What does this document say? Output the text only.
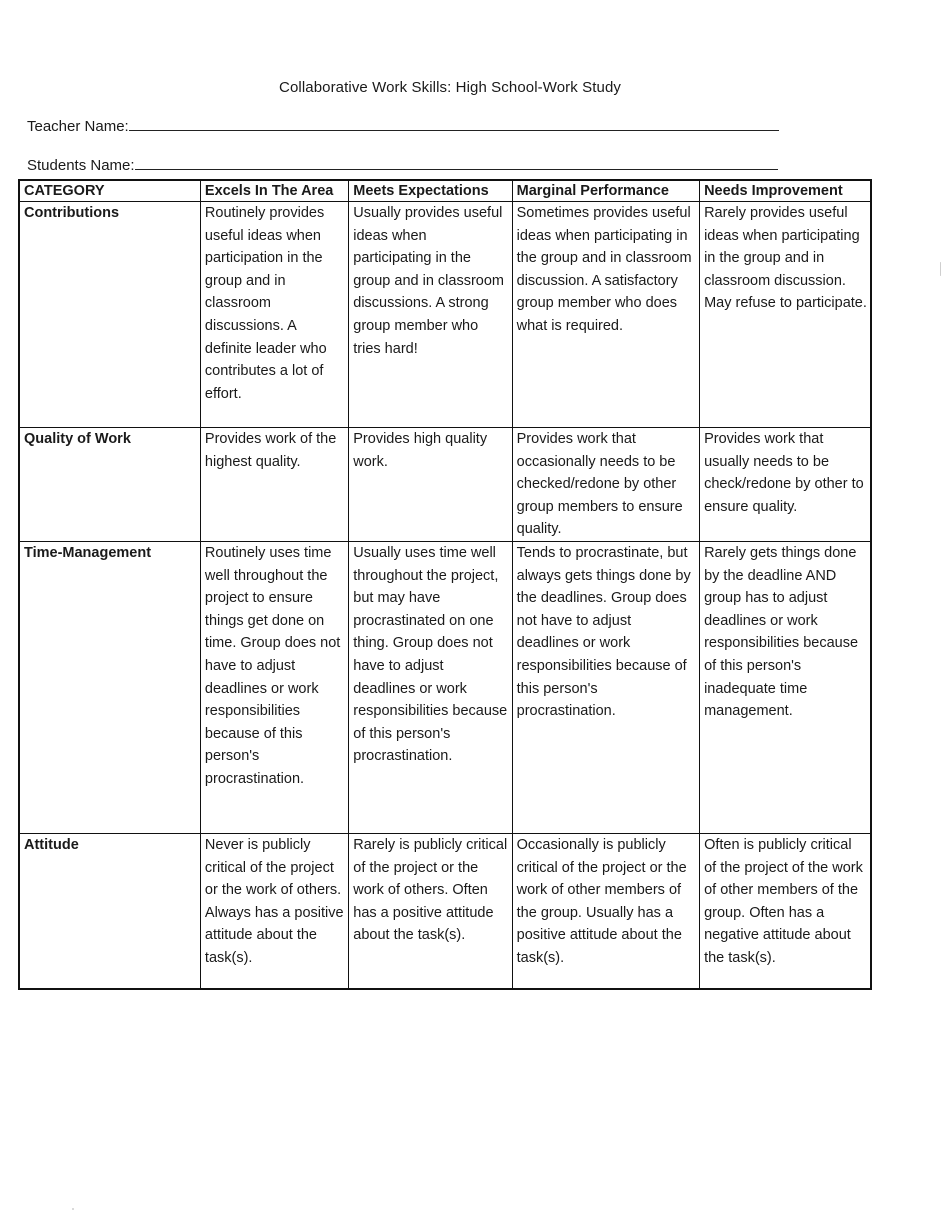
Collaborative Work Skills: High School-Work Study
Teacher Name:
Students Name:
CATEGORY	Excels In The Area	Meets Expectations	Marginal Performance	Needs Improvement
Contributions	Routinely provides useful ideas when participation in the group and in classroom discussions. A definite leader who contributes a lot of effort.	Usually provides useful ideas when participating in the group and in classroom discussions. A strong group member who tries hard!	Sometimes provides useful ideas when participating in the group and in classroom discussion. A satisfactory group member who does what is required.	Rarely provides useful ideas when participating in the group and in classroom discussion. May refuse to participate.
Quality of Work	Provides work of the highest quality.	Provides high quality work.	Provides work that occasionally needs to be checked/redone by other group members to ensure quality.	Provides work that usually needs to be check/redone by other to ensure quality.
Time-Management	Routinely uses time well throughout the project to ensure things get done on time. Group does not have to adjust deadlines or work responsibilities because of this person's procrastination.	Usually uses time well throughout the project, but may have procrastinated on one thing. Group does not have to adjust deadlines or work responsibilities because of this person's procrastination.	Tends to procrastinate, but always gets things done by the deadlines. Group does not have to adjust deadlines or work responsibilities because of this person's procrastination.	Rarely gets things done by the deadline AND group has to adjust deadlines or work responsibilities because of this person's inadequate time management.
Attitude	Never is publicly critical of the project or the work of others. Always has a positive attitude about the task(s).	Rarely is publicly critical of the project or the work of others. Often has a positive attitude about the task(s).	Occasionally is publicly critical of the project or the work of other members of the group. Usually has a positive attitude about the task(s).	Often is publicly critical of the project of the work of other members of the group. Often has a negative attitude about the task(s).
